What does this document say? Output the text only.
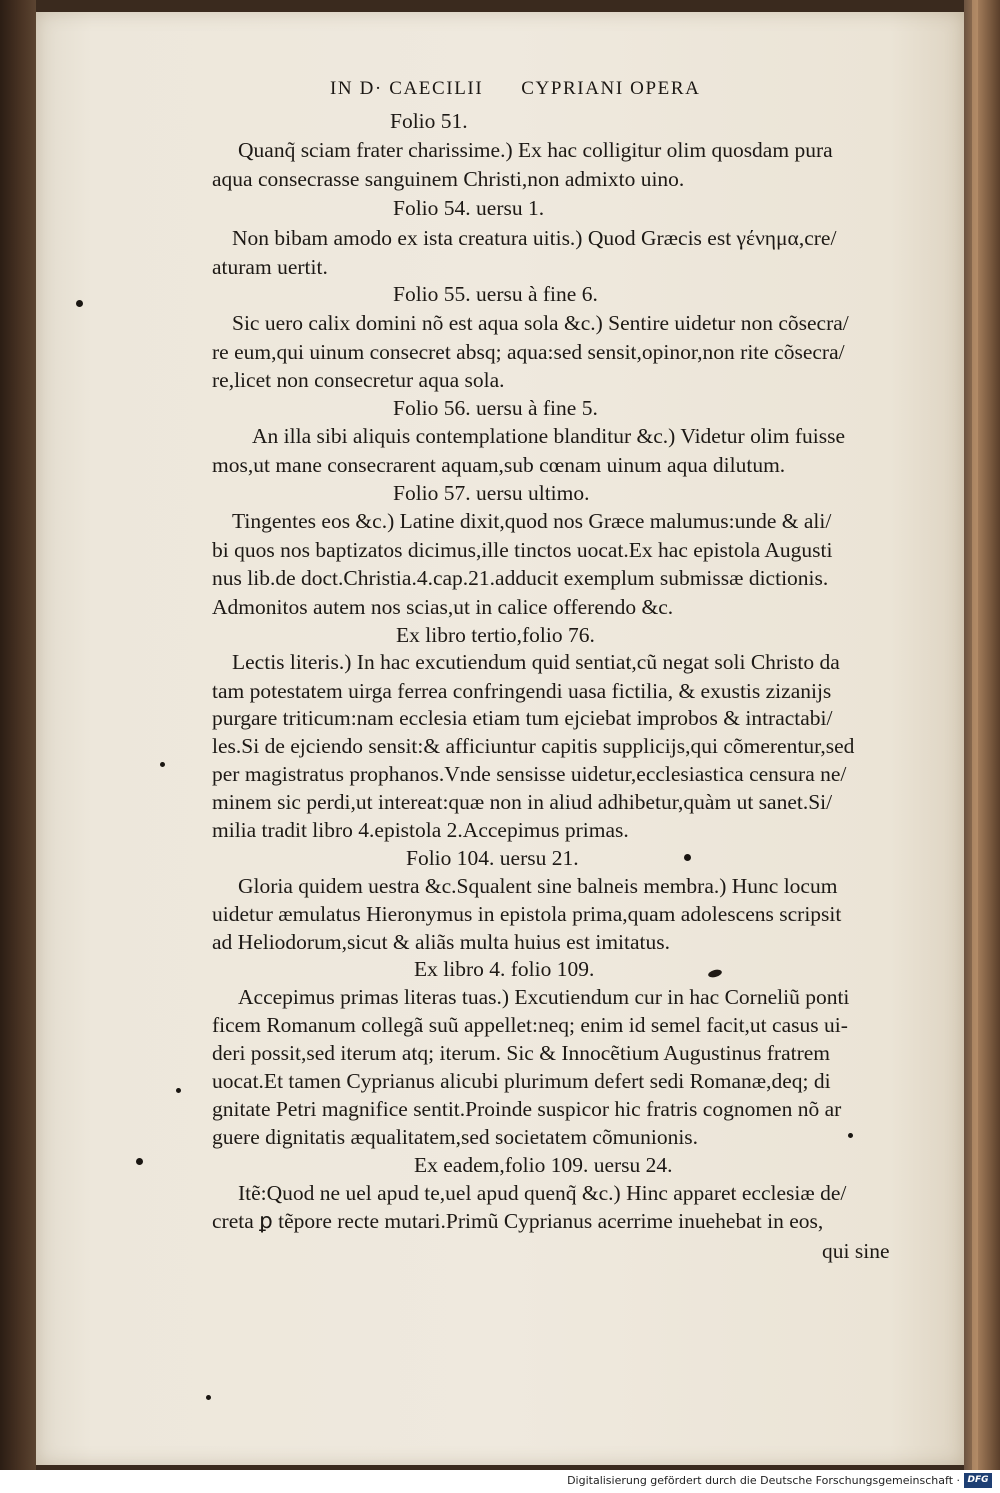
IN D· CAECILII CYPRIANI OPERA
Folio 51.
Quanq̃ sciam frater charissime.) Ex hac colligitur olim quosdam pura
aqua consecrasse sanguinem Christi,non admixto uino.
Folio 54. uersu 1.
Non bibam amodo ex ista creatura uitis.) Quod Græcis est γένημα,cre/
aturam uertit.
Folio 55. uersu à fine 6.
Sic uero calix domini nõ est aqua sola &c.) Sentire uidetur non cõsecra/
re eum,qui uinum consecret absq; aqua:sed sensit,opinor,non rite cõsecra/
re,licet non consecretur aqua sola.
Folio 56. uersu à fine 5.
An illa sibi aliquis contemplatione blanditur &c.) Videtur olim fuisse
mos,ut mane consecrarent aquam,sub cœnam uinum aqua dilutum.
Folio 57. uersu ultimo.
Tingentes eos &c.) Latine dixit,quod nos Græce malumus:unde & ali/
bi quos nos baptizatos dicimus,ille tinctos uocat.Ex hac epistola Augusti
nus lib.de doct.Christia.4.cap.21.adducit exemplum submissæ dictionis.
Admonitos autem nos scias,ut in calice offerendo &c.
Ex libro tertio,folio 76.
Lectis literis.) In hac excutiendum quid sentiat,cũ negat soli Christo da
tam potestatem uirga ferrea confringendi uasa fictilia, & exustis zizanijs
purgare triticum:nam ecclesia etiam tum ejciebat improbos & intractabi/
les.Si de ejciendo sensit:& afficiuntur capitis supplicijs,qui cõmerentur,sed
per magistratus prophanos.Vnde sensisse uidetur,ecclesiastica censura ne/
minem sic perdi,ut intereat:quæ non in aliud adhibetur,quàm ut sanet.Si/
milia tradit libro 4.epistola 2.Accepimus primas.
Folio 104. uersu 21.
Gloria quidem uestra &c.Squalent sine balneis membra.) Hunc locum
uidetur æmulatus Hieronymus in epistola prima,quam adolescens scripsit
ad Heliodorum,sicut & aliãs multa huius est imitatus.
Ex libro 4. folio 109.
Accepimus primas literas tuas.) Excutiendum cur in hac Corneliũ ponti
ficem Romanum collegã suũ appellet:neq; enim id semel facit,ut casus ui-
deri possit,sed iterum atq; iterum. Sic & Innocẽtium Augustinus fratrem
uocat.Et tamen Cyprianus alicubi plurimum defert sedi Romanæ,deq; di
gnitate Petri magnifice sentit.Proinde suspicor hic fratris cognomen nõ ar
guere dignitatis æqualitatem,sed societatem cõmunionis.
Ex eadem,folio 109. uersu 24.
Itẽ:Quod ne uel apud te,uel apud quenq̃ &c.) Hinc apparet ecclesiæ de/
creta ꝑ tẽpore recte mutari.Primũ Cyprianus acerrime inuehebat in eos,
qui sine
Digitalisierung gefördert durch die Deutsche Forschungsgemeinschaft · DFG
